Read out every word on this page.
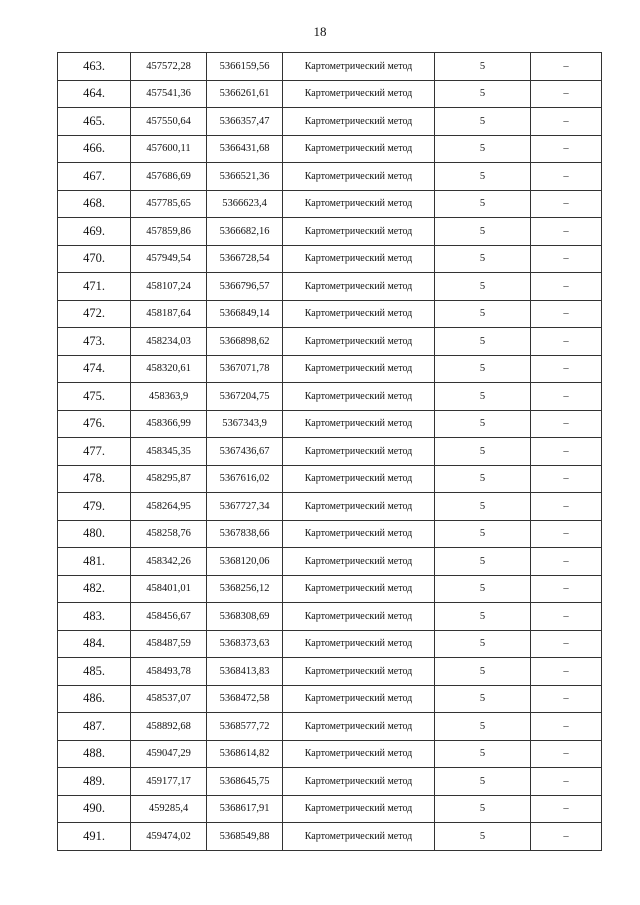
18
463.	457572,28	5366159,56	Картометрический метод	5	–
464.	457541,36	5366261,61	Картометрический метод	5	–
465.	457550,64	5366357,47	Картометрический метод	5	–
466.	457600,11	5366431,68	Картометрический метод	5	–
467.	457686,69	5366521,36	Картометрический метод	5	–
468.	457785,65	5366623,4	Картометрический метод	5	–
469.	457859,86	5366682,16	Картометрический метод	5	–
470.	457949,54	5366728,54	Картометрический метод	5	–
471.	458107,24	5366796,57	Картометрический метод	5	–
472.	458187,64	5366849,14	Картометрический метод	5	–
473.	458234,03	5366898,62	Картометрический метод	5	–
474.	458320,61	5367071,78	Картометрический метод	5	–
475.	458363,9	5367204,75	Картометрический метод	5	–
476.	458366,99	5367343,9	Картометрический метод	5	–
477.	458345,35	5367436,67	Картометрический метод	5	–
478.	458295,87	5367616,02	Картометрический метод	5	–
479.	458264,95	5367727,34	Картометрический метод	5	–
480.	458258,76	5367838,66	Картометрический метод	5	–
481.	458342,26	5368120,06	Картометрический метод	5	–
482.	458401,01	5368256,12	Картометрический метод	5	–
483.	458456,67	5368308,69	Картометрический метод	5	–
484.	458487,59	5368373,63	Картометрический метод	5	–
485.	458493,78	5368413,83	Картометрический метод	5	–
486.	458537,07	5368472,58	Картометрический метод	5	–
487.	458892,68	5368577,72	Картометрический метод	5	–
488.	459047,29	5368614,82	Картометрический метод	5	–
489.	459177,17	5368645,75	Картометрический метод	5	–
490.	459285,4	5368617,91	Картометрический метод	5	–
491.	459474,02	5368549,88	Картометрический метод	5	–
